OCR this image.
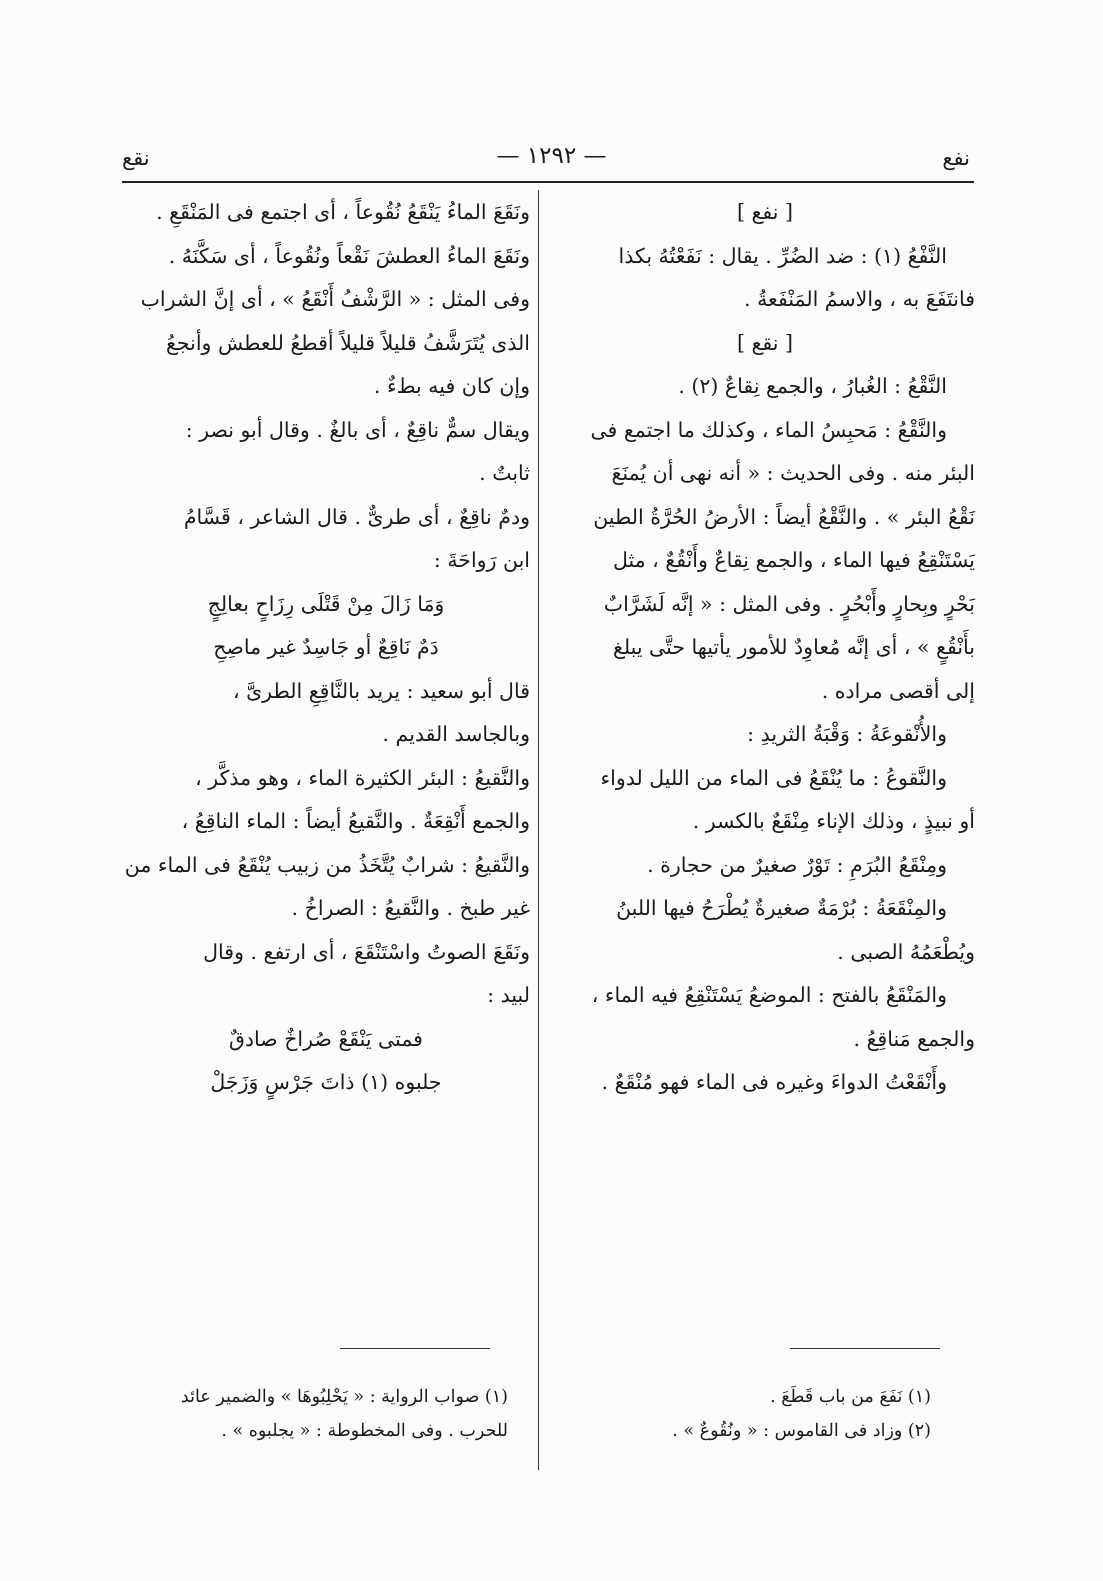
نفع
— ١٢٩٢ —
نقع

[ نفع ]

النَّفْعُ (١) : ضد الضُرِّ . يقال : نَفَعْتُهُ بكذا

فانتَفَعَ به ، والاسمُ المَنْفَعةُ .

[ نقع ]

النَّقْعُ : الغُبارُ ، والجمع نِقاعٌ (٢) .

والنَّقْعُ : مَحبِسُ الماء ، وكذلك ما اجتمع فى

البئر منه . وفى الحديث : « أنه نهى أن يُمنَعَ

نَقْعُ البئر » . والنَّقْعُ أيضاً : الأرضُ الحُرَّةُ الطين

يَسْتَنْقِعُ فيها الماء ، والجمع نِقاعٌ وأَنْقُعٌ ، مثل

بَحْرٍ وبِحارٍ وأَبْحُرٍ . وفى المثل : « إنَّه لَشَرَّابٌ

بأَنْقُعٍ » ، أى إنَّه مُعاوِدٌ للأمور يأتيها حتَّى يبلغ

إلى أقصى مراده .

والأُنْقوعَةُ : وَقْبَةُ الثريدِ :

والنَّقوعُ : ما يُنْقَعُ فى الماء من الليل لدواء

أو نبيذٍ ، وذلك الإناء مِنْقَعٌ بالكسر .

ومِنْقَعُ البُرَمِ : تَوْرٌ صغيرٌ من حجارة .

والمِنْقَعَةُ : بُرْمَةٌ صغيرةٌ يُطْرَحُ فيها اللبنُ

ويُطْعَمُهُ الصبى .

والمَنْقَعُ بالفتح : الموضعُ يَسْتَنْقِعُ فيه الماء ،

والجمع مَناقِعُ .

وأَنْقَعْتُ الدواءَ وغيره فى الماء فهو مُنْقَعٌ .

ونَقَعَ الماءُ يَنْقَعُ نُقُوعاً ، أى اجتمع فى المَنْقَعِ .

ونَقَعَ الماءُ العطشَ نَقْعاً ونُقُوعاً ، أى سَكَّنَهُ .

وفى المثل : « الرَّشْفُ أَنْقَعُ » ، أى إنَّ الشراب

الذى يُتَرَشَّفُ قليلاً قليلاً أقطعُ للعطش وأنجعُ

وإن كان فيه بطءٌ .

ويقال سمٌّ ناقِعٌ ، أى بالغٌ . وقال أبو نصر :

ثابتٌ .

ودمٌ ناقِعٌ ، أى طرىٌّ . قال الشاعر ، قَسَّامُ

ابن رَواحَةَ :

وَمَا زَالَ مِنْ قَتْلَى رِزَاحٍ بعالِجٍ

دَمٌ نَاقِعٌ أو جَاسِدٌ غير ماصِحِ

قال أبو سعيد : يريد بالنَّاقِعِ الطرىَّ ،

وبالجاسد القديم .

والنَّقيعُ : البئر الكثيرة الماء ، وهو مذكَّر ،

والجمع أَنْقِعَةٌ . والنَّقيعُ أيضاً : الماء الناقِعُ ،

والنَّقيعُ : شرابٌ يُتَّخَذُ من زبيب يُنْقَعُ فى الماء من

غير طبخ . والنَّقيعُ : الصراخُ .

ونَقَعَ الصوتُ واسْتَنْقَعَ ، أى ارتفع . وقال

لبيد :

فمتى يَنْقَعْ صُراخٌ صادقٌ

جلبوه (١) ذاتَ جَرْسٍ وَزَجَلْ

(١) نَفَعَ من باب قَطَعَ .

(٢) وزاد فى القاموس : « ونُقُوعٌ » .

(١) صواب الرواية : « يَحْلِبُوهَا » والضمير عائد

للحرب . وفى المخطوطة : « يجلبوه » .
